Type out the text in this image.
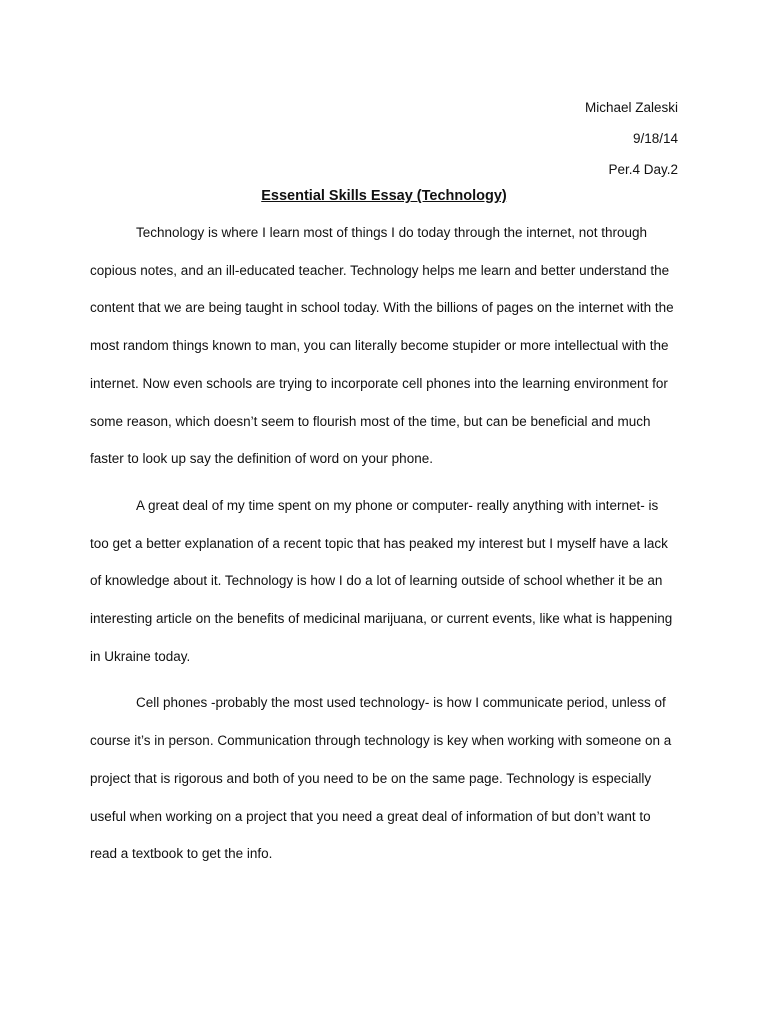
Michael Zaleski
9/18/14
Per.4 Day.2
Essential Skills Essay (Technology)

Technology is where I learn most of things I do today through the internet, not through copious notes, and an ill-educated teacher. Technology helps me learn and better understand the content that we are being taught in school today. With the billions of pages on the internet with the most random things known to man, you can literally become stupider or more intellectual with the internet. Now even schools are trying to incorporate cell phones into the learning environment for some reason, which doesn’t seem to flourish most of the time, but can be beneficial and much faster to look up say the definition of word on your phone.

A great deal of my time spent on my phone or computer- really anything with internet- is too get a better explanation of a recent topic that has peaked my interest but I myself have a lack of knowledge about it. Technology is how I do a lot of learning outside of school whether it be an interesting article on the benefits of medicinal marijuana, or current events, like what is happening in Ukraine today.

Cell phones -probably the most used technology- is how I communicate period, unless of course it’s in person. Communication through technology is key when working with someone on a project that is rigorous and both of you need to be on the same page. Technology is especially useful when working on a project that you need a great deal of information of but don’t want to read a textbook to get the info.
